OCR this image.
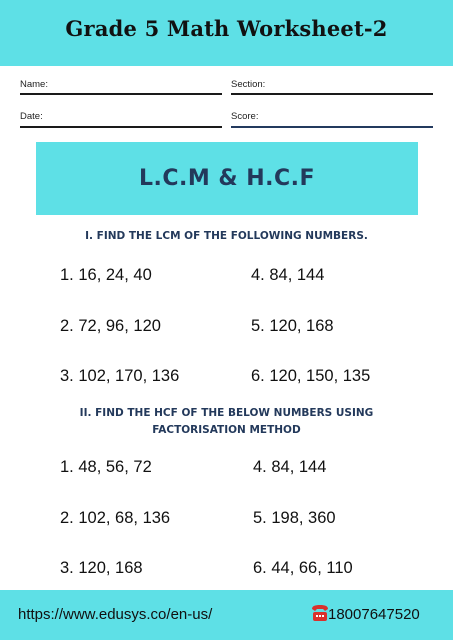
Grade 5 Math Worksheet-2
Name:	Section:
Date:	Score:
L.C.M & H.C.F
I. FIND THE LCM OF THE FOLLOWING NUMBERS.
1. 16, 24, 40	4. 84, 144
2. 72, 96, 120	5. 120, 168
3. 102, 170, 136	6. 120, 150, 135
II. FIND THE HCF OF THE BELOW NUMBERS USING
FACTORISATION METHOD
1. 48, 56, 72	4. 84, 144
2. 102, 68, 136	5. 198, 360
3. 120, 168	6. 44, 66, 110
https://www.edusys.co/en-us/	18007647520
